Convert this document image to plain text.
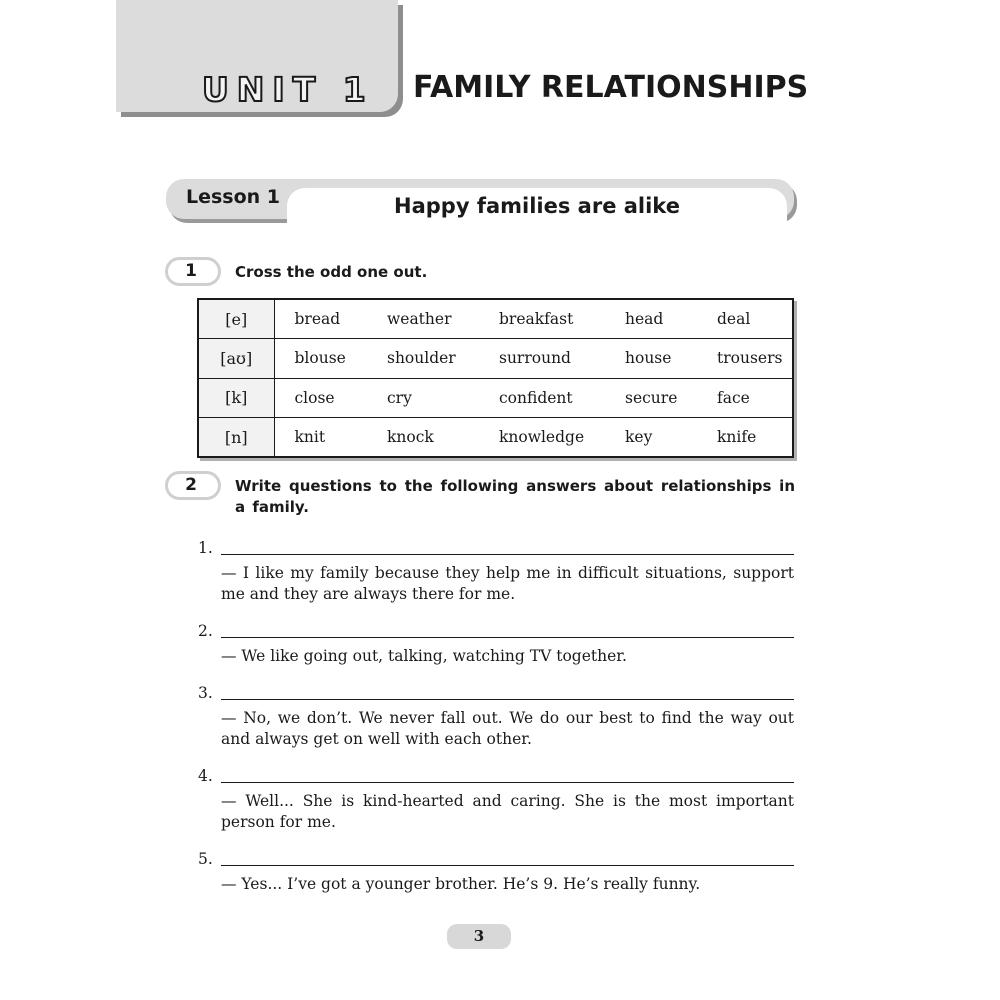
UNIT 1 FAMILY RELATIONSHIPS
Lesson 1	Happy families are alike
1	Cross the odd one out.
[e]	bread	weather	breakfast	head	deal
[aʊ]	blouse	shoulder	surround	house	trousers
[k]	close	cry	confident	secure	face
[n]	knit	knock	knowledge	key	knife
2	Write questions to the following answers about relationships in a family.
1.
— I like my family because they help me in difficult situations, support me and they are always there for me.
2.
— We like going out, talking, watching TV together.
3.
— No, we don’t. We never fall out. We do our best to find the way out and always get on well with each other.
4.
— Well... She is kind-hearted and caring. She is the most important person for me.
5.
— Yes... I’ve got a younger brother. He’s 9. He’s really funny.
3
